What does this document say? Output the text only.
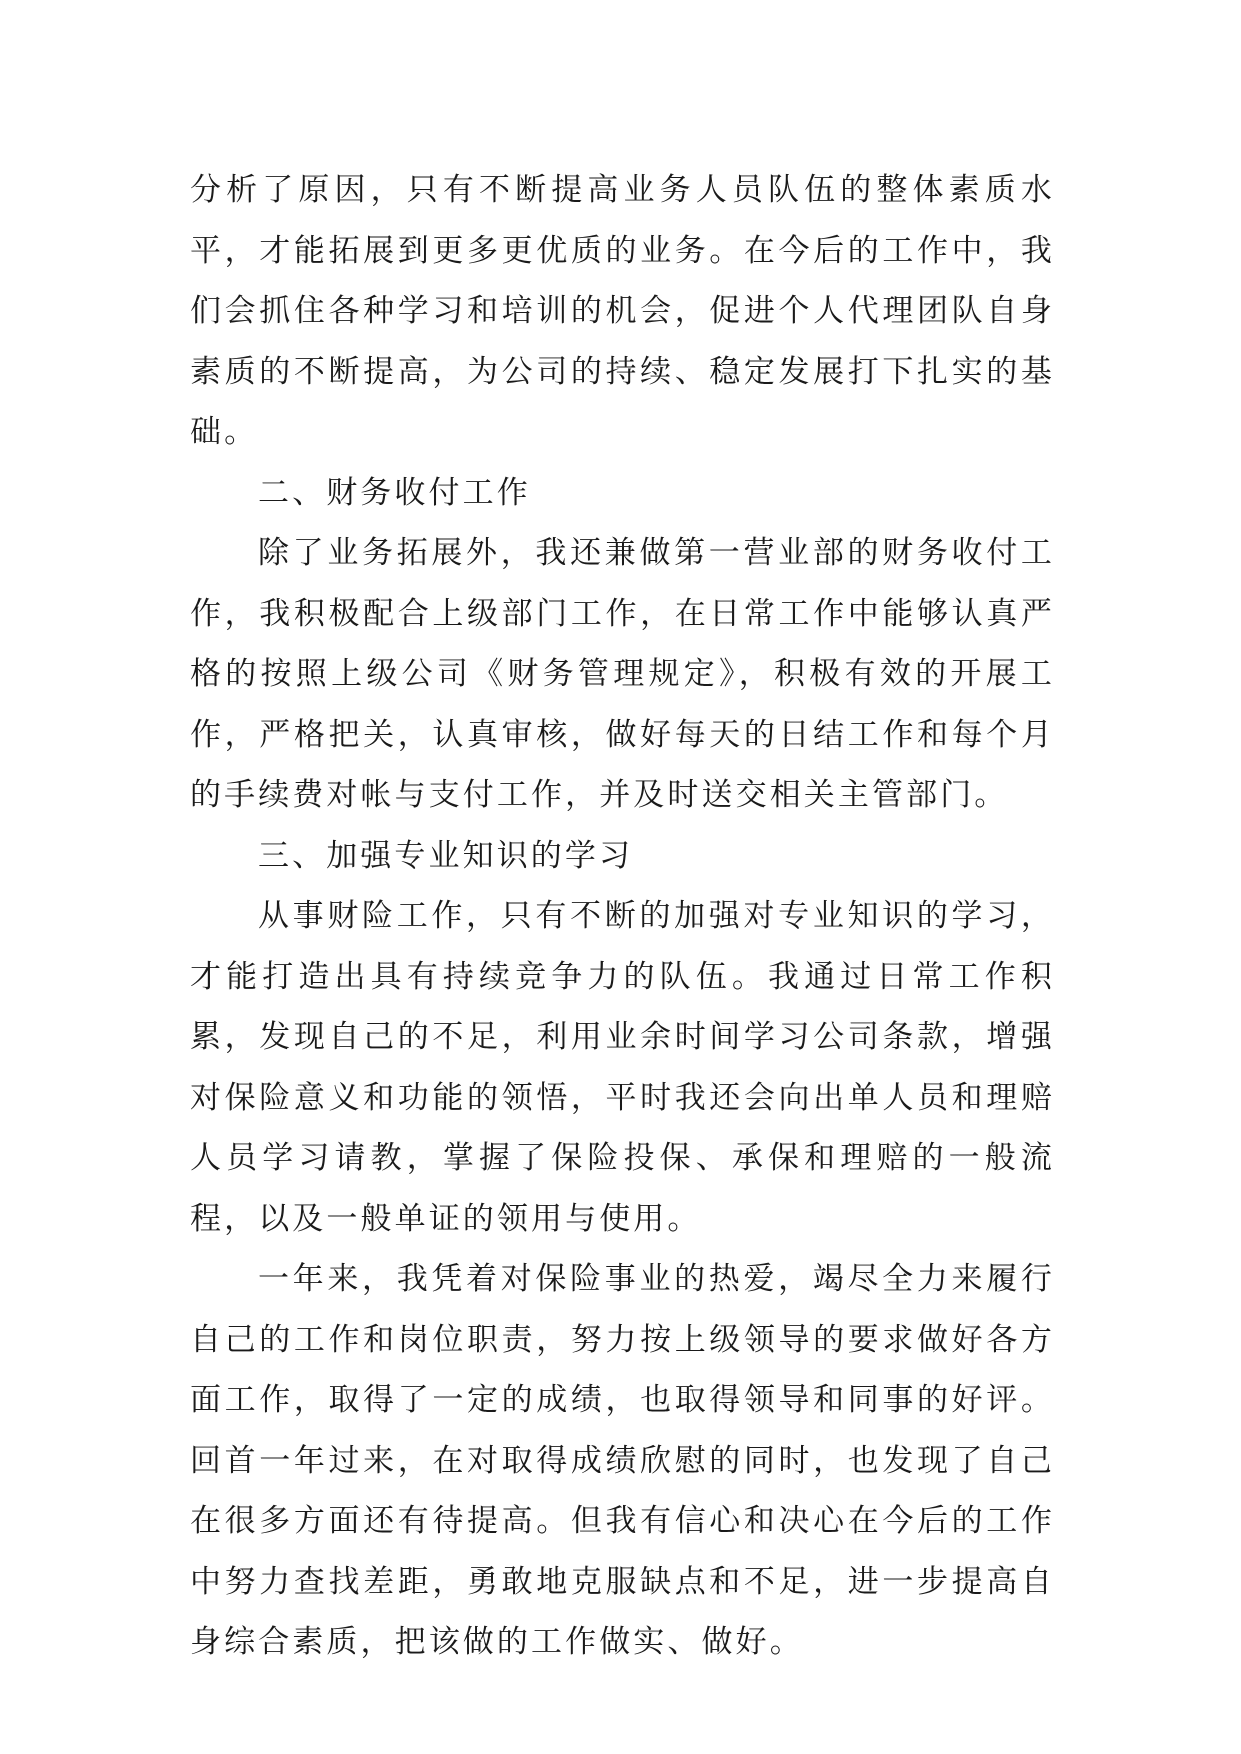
分析了原因，只有不断提高业务人员队伍的整体素质水平，才能拓展到更多更优质的业务。在今后的工作中，我们会抓住各种学习和培训的机会，促进个人代理团队自身素质的不断提高，为公司的持续、稳定发展打下扎实的基础。

二、财务收付工作

除了业务拓展外，我还兼做第一营业部的财务收付工作，我积极配合上级部门工作，在日常工作中能够认真严格的按照上级公司《财务管理规定》，积极有效的开展工作，严格把关，认真审核，做好每天的日结工作和每个月的手续费对帐与支付工作，并及时送交相关主管部门。

三、加强专业知识的学习

从事财险工作，只有不断的加强对专业知识的学习，才能打造出具有持续竞争力的队伍。我通过日常工作积累，发现自己的不足，利用业余时间学习公司条款，增强对保险意义和功能的领悟，平时我还会向出单人员和理赔人员学习请教，掌握了保险投保、承保和理赔的一般流程，以及一般单证的领用与使用。

一年来，我凭着对保险事业的热爱，竭尽全力来履行自己的工作和岗位职责，努力按上级领导的要求做好各方面工作，取得了一定的成绩，也取得领导和同事的好评。回首一年过来，在对取得成绩欣慰的同时，也发现了自己在很多方面还有待提高。但我有信心和决心在今后的工作中努力查找差距，勇敢地克服缺点和不足，进一步提高自身综合素质，把该做的工作做实、做好。
